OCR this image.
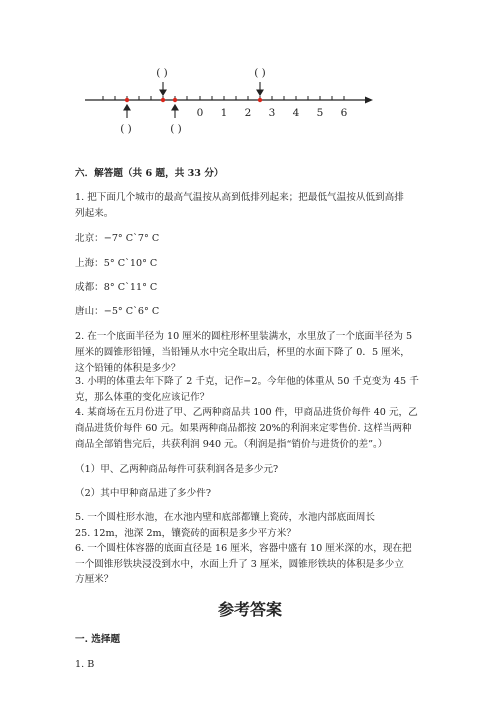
0 1 2 3 4 5 6
( )	( )
( )	( )
六．解答题（共 6 题，共 33 分）
1. 把下面几个城市的最高气温按从高到低排列起来；把最低气温按从低到高排
列起来。
北京：−7° C`7° C
上海：5° C`10° C
成都：8° C`11° C
唐山：−5° C`6° C
2. 在一个底面半径为 10 厘米的圆柱形杯里装满水，水里放了一个底面半径为 5
厘米的圆锥形铅锤，当铅锤从水中完全取出后，杯里的水面下降了 0．5 厘米，
这个铅锤的体积是多少？
3. 小明的体重去年下降了 2 千克，记作−2。今年他的体重从 50 千克变为 45 千
克，那么体重的变化应该记作？
4. 某商场在五月份进了甲、乙两种商品共 100 件，甲商品进货价每件 40 元，乙
商品进货价每件 60 元。如果两种商品都按 20%的利润来定零售价. 这样当两种
商品全部销售完后，共获利润 940 元。（利润是指“销价与进货价的差”。）
（1）甲、乙两种商品每件可获利润各是多少元?
（2）其中甲种商品进了多少件?
5. 一个圆柱形水池，在水池内壁和底部都镶上瓷砖，水池内部底面周长
25. 12m，池深 2m，镶瓷砖的面积是多少平方米？
6. 一个圆柱体容器的底面直径是 16 厘米，容器中盛有 10 厘米深的水，现在把
一个圆锥形铁块浸没到水中，水面上升了 3 厘米，圆锥形铁块的体积是多少立
方厘米？
参考答案
一. 选择题
1. B
